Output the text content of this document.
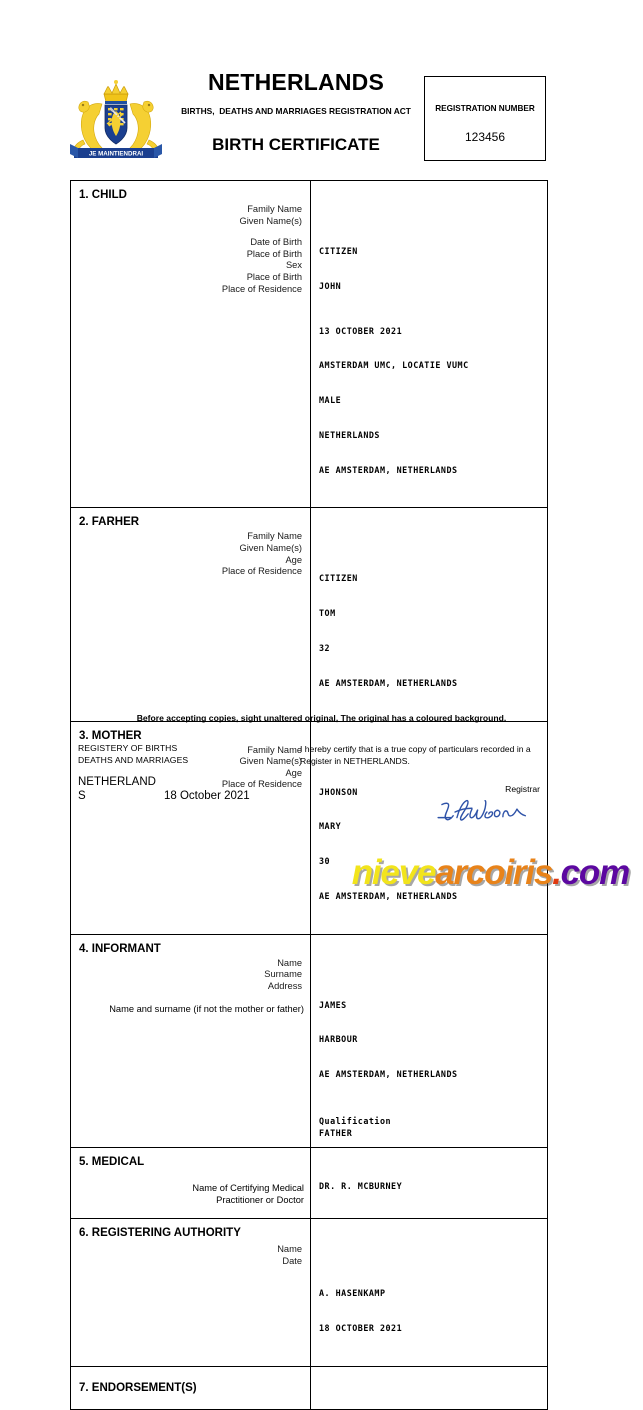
JE MAINTIENDRAI
NETHERLANDS
BIRTHS,  DEATHS AND MARRIAGES REGISTRATION ACT
BIRTH CERTIFICATE
REGISTRATION NUMBER
123456
1. CHILD
Family Name
Given Name(s)
Date of Birth
Place of Birth
Sex
Place of Birth
Place of Residence

CITIZEN

JOHN

13 OCTOBER 2021

AMSTERDAM UMC, LOCATIE VUMC

MALE

NETHERLANDS

AE AMSTERDAM, NETHERLANDS

2. FARHER
Family Name
Given Name(s)
Age
Place of Residence

CITIZEN

TOM

32

AE AMSTERDAM, NETHERLANDS

3. MOTHER
Family Name
Given Name(s)
Age
Place of Residence

JHONSON

MARY

30

AE AMSTERDAM, NETHERLANDS

4. INFORMANT
Name
Surname
Address
Name and surname (if not the mother or father)

JAMES

HARBOUR

AE AMSTERDAM, NETHERLANDS

Qualification
FATHER
5. MEDICAL
Name of Certifying Medical
Practitioner or Doctor
DR. R. MCBURNEY
6. REGISTERING AUTHORITY
Name
Date

A. HASENKAMP

18 OCTOBER 2021

7. ENDORSEMENT(S)
Before accepting copies, sight unaltered original, The original has a coloured background.
REGISTERY OF BIRTHS
DEATHS AND MARRIAGES
NETHERLAND
S	18 October 2021
I hereby certify that is a true copy of particulars recorded in a
Register in NETHERLANDS.
Registrar
nievearcoiris.com
